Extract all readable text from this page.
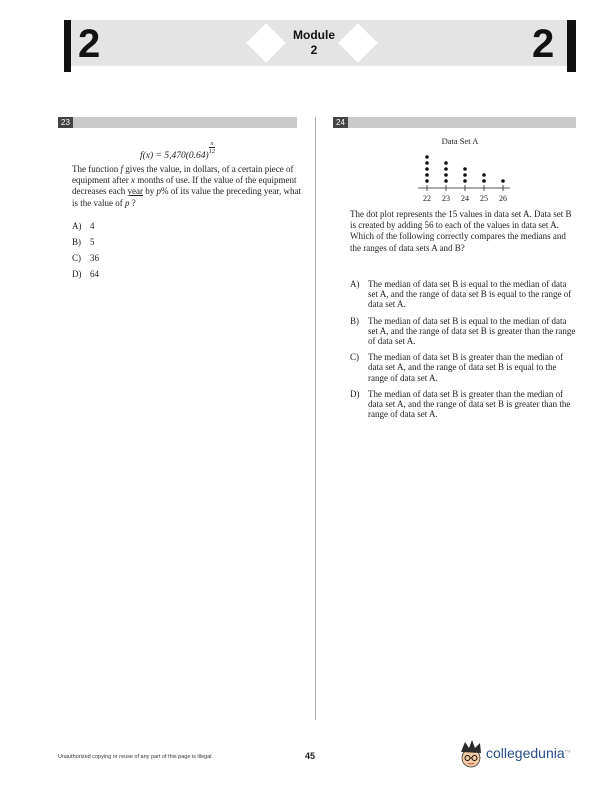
2	2
Module
2
23	24
f(x) = 5,470(0.64)
$\frac{x}{12}$
The function f gives the value, in dollars, of a certain piece of equipment after x months of use. If the value of the equipment decreases each year by p% of its value the preceding year, what is the value of p ?
A) 4
B) 5
C) 36
D) 64
Data Set A
22 23 24 25 26
The dot plot represents the 15 values in data set A. Data set B is created by adding 56 to each of the values in data set A. Which of the following correctly compares the medians and the ranges of data sets A and B?
A) The median of data set B is equal to the median of data set A, and the range of data set B is equal to the range of data set A.
B) The median of data set B is equal to the median of data set A, and the range of data set B is greater than the range of data set A.
C) The median of data set B is greater than the median of data set A, and the range of data set B is equal to the range of data set A.
D) The median of data set B is greater than the median of data set A, and the range of data set B is greater than the range of data set A.
Unauthorized copying or reuse of any part of this page is illegal.	45	collegedunia™
